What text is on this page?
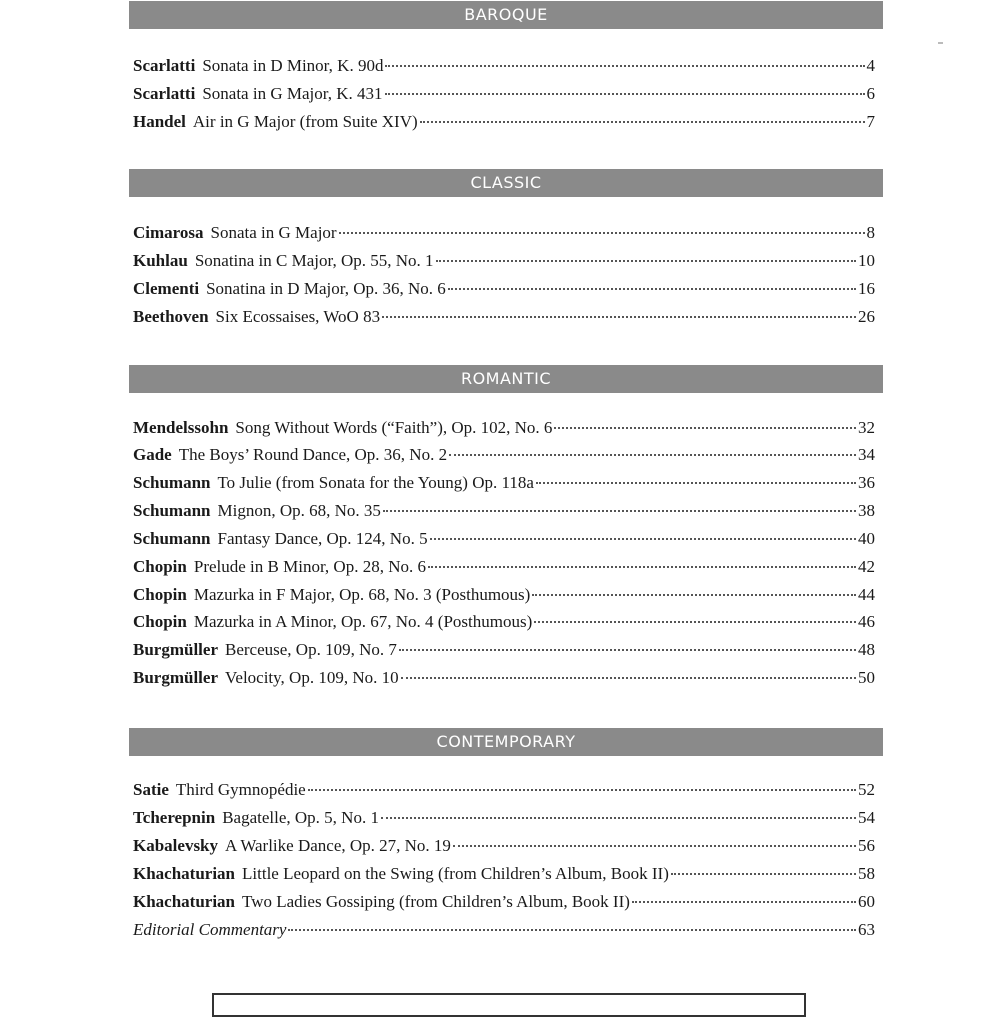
BAROQUE
Scarlatti Sonata in D Minor, K. 90d	4
Scarlatti Sonata in G Major, K. 431	6
Handel Air in G Major (from Suite XIV)	7
CLASSIC
Cimarosa Sonata in G Major	8
Kuhlau Sonatina in C Major, Op. 55, No. 1	10
Clementi Sonatina in D Major, Op. 36, No. 6	16
Beethoven Six Ecossaises, WoO 83	26
ROMANTIC
Mendelssohn Song Without Words (“Faith”), Op. 102, No. 6	32
Gade The Boys’ Round Dance, Op. 36, No. 2	34
Schumann To Julie (from Sonata for the Young) Op. 118a	36
Schumann Mignon, Op. 68, No. 35	38
Schumann Fantasy Dance, Op. 124, No. 5	40
Chopin Prelude in B Minor, Op. 28, No. 6	42
Chopin Mazurka in F Major, Op. 68, No. 3 (Posthumous)	44
Chopin Mazurka in A Minor, Op. 67, No. 4 (Posthumous)	46
Burgmüller Berceuse, Op. 109, No. 7	48
Burgmüller Velocity, Op. 109, No. 10	50
CONTEMPORARY
Satie Third Gymnopédie	52
Tcherepnin Bagatelle, Op. 5, No. 1	54
Kabalevsky A Warlike Dance, Op. 27, No. 19	56
Khachaturian Little Leopard on the Swing (from Children’s Album, Book II)	58
Khachaturian Two Ladies Gossiping (from Children’s Album, Book II)	60
Editorial Commentary	63
